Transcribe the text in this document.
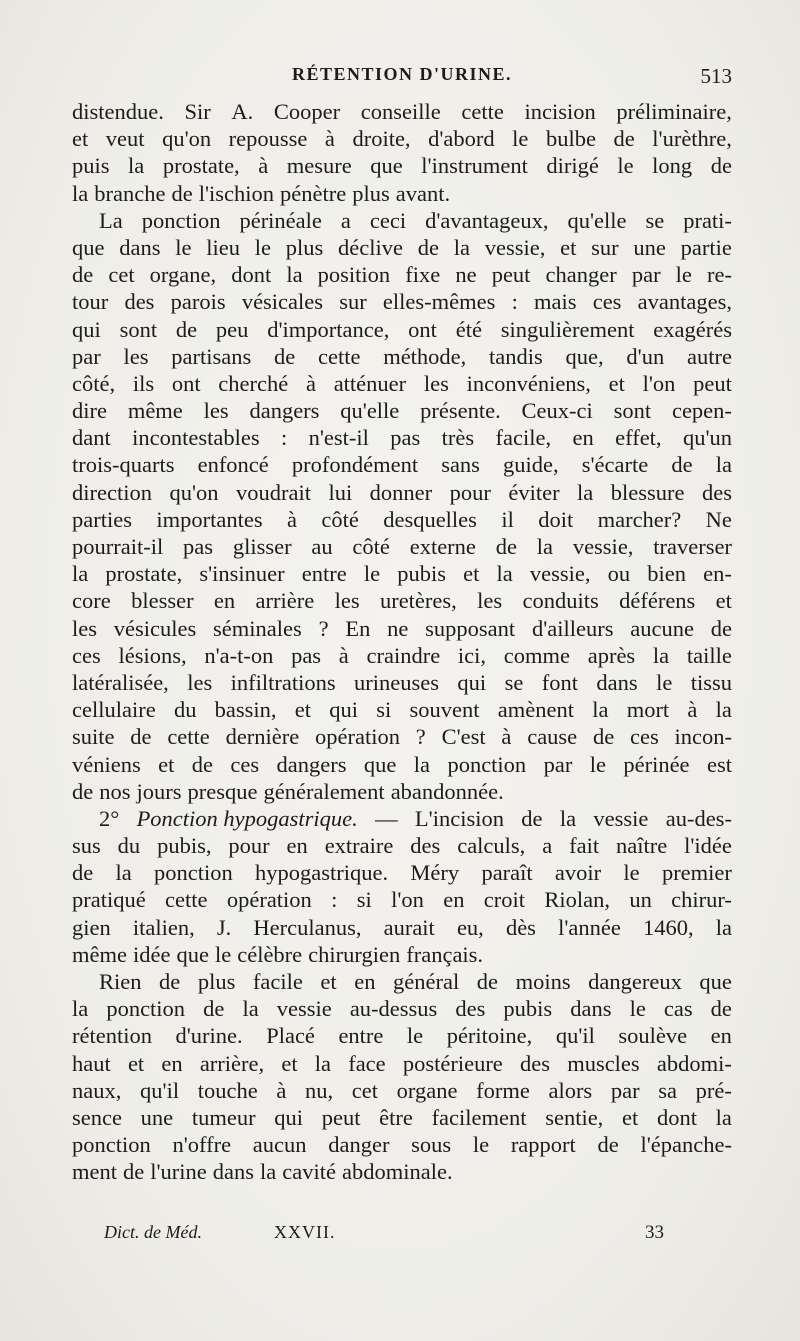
RÉTENTION D'URINE.	513
distendue. Sir A. Cooper conseille cette incision préliminaire,
et veut qu'on repousse à droite, d'abord le bulbe de l'urèthre,
puis la prostate, à mesure que l'instrument dirigé le long de
la branche de l'ischion pénètre plus avant.
La ponction périnéale a ceci d'avantageux, qu'elle se prati-
que dans le lieu le plus déclive de la vessie, et sur une partie
de cet organe, dont la position fixe ne peut changer par le re-
tour des parois vésicales sur elles-mêmes : mais ces avantages,
qui sont de peu d'importance, ont été singulièrement exagérés
par les partisans de cette méthode, tandis que, d'un autre
côté, ils ont cherché à atténuer les inconvéniens, et l'on peut
dire même les dangers qu'elle présente. Ceux-ci sont cepen-
dant incontestables : n'est-il pas très facile, en effet, qu'un
trois-quarts enfoncé profondément sans guide, s'écarte de la
direction qu'on voudrait lui donner pour éviter la blessure des
parties importantes à côté desquelles il doit marcher? Ne
pourrait-il pas glisser au côté externe de la vessie, traverser
la prostate, s'insinuer entre le pubis et la vessie, ou bien en-
core blesser en arrière les uretères, les conduits déférens et
les vésicules séminales ? En ne supposant d'ailleurs aucune de
ces lésions, n'a-t-on pas à craindre ici, comme après la taille
latéralisée, les infiltrations urineuses qui se font dans le tissu
cellulaire du bassin, et qui si souvent amènent la mort à la
suite de cette dernière opération ? C'est à cause de ces incon-
véniens et de ces dangers que la ponction par le périnée est
de nos jours presque généralement abandonnée.
2° Ponction hypogastrique. — L'incision de la vessie au-des-
sus du pubis, pour en extraire des calculs, a fait naître l'idée
de la ponction hypogastrique. Méry paraît avoir le premier
pratiqué cette opération : si l'on en croit Riolan, un chirur-
gien italien, J. Herculanus, aurait eu, dès l'année 1460, la
même idée que le célèbre chirurgien français.
Rien de plus facile et en général de moins dangereux que
la ponction de la vessie au-dessus des pubis dans le cas de
rétention d'urine. Placé entre le péritoine, qu'il soulève en
haut et en arrière, et la face postérieure des muscles abdomi-
naux, qu'il touche à nu, cet organe forme alors par sa pré-
sence une tumeur qui peut être facilement sentie, et dont la
ponction n'offre aucun danger sous le rapport de l'épanche-
ment de l'urine dans la cavité abdominale.
Dict. de Méd.	XXVII.	33
